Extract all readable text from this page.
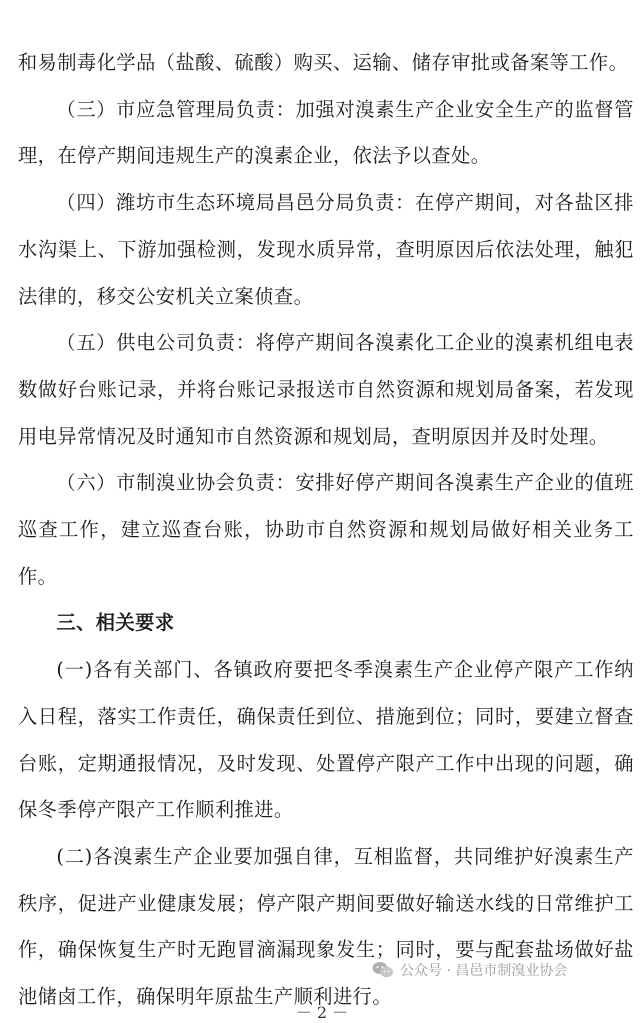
和易制毒化学品（盐酸、硫酸）购买、运输、储存审批或备案等工作。

（三）市应急管理局负责：加强对溴素生产企业安全生产的监督管理，在停产期间违规生产的溴素企业，依法予以查处。

（四）潍坊市生态环境局昌邑分局负责：在停产期间，对各盐区排水沟渠上、下游加强检测，发现水质异常，查明原因后依法处理，触犯法律的，移交公安机关立案侦查。

（五）供电公司负责：将停产期间各溴素化工企业的溴素机组电表数做好台账记录，并将台账记录报送市自然资源和规划局备案，若发现用电异常情况及时通知市自然资源和规划局，查明原因并及时处理。

（六）市制溴业协会负责：安排好停产期间各溴素生产企业的值班巡查工作，建立巡查台账，协助市自然资源和规划局做好相关业务工作。

三、相关要求

(一)各有关部门、各镇政府要把冬季溴素生产企业停产限产工作纳入日程，落实工作责任，确保责任到位、措施到位；同时，要建立督查台账，定期通报情况，及时发现、处置停产限产工作中出现的问题，确保冬季停产限产工作顺利推进。

(二)各溴素生产企业要加强自律，互相监督，共同维护好溴素生产秩序，促进产业健康发展；停产限产期间要做好输送水线的日常维护工作，确保恢复生产时无跑冒滴漏现象发生；同时，要与配套盐场做好盐池储卤工作，确保明年原盐生产顺利进行。

公众号 · 昌邑市制溴业协会
－ 2 －
